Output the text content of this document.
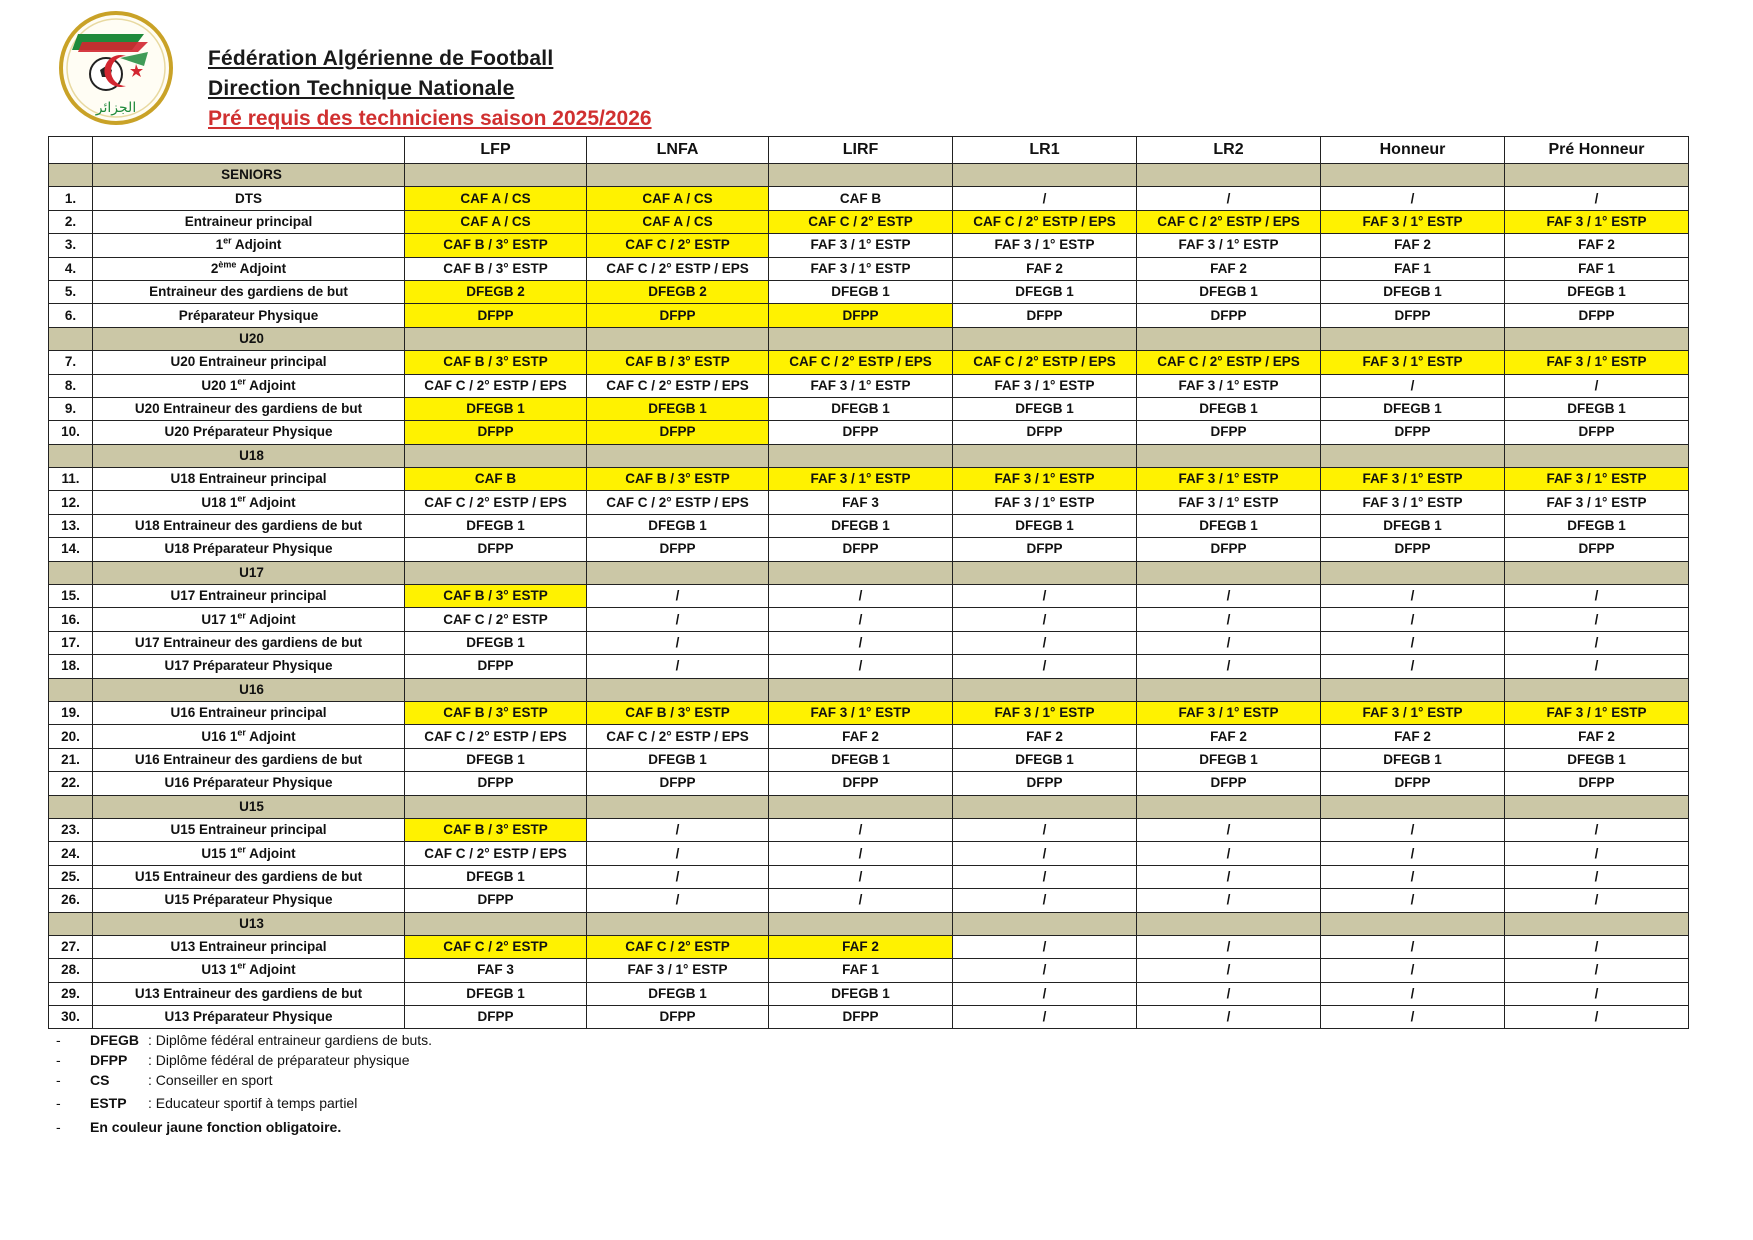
الجزائر
Fédération Algérienne de Football
Direction Technique Nationale
Pré requis des techniciens saison 2025/2026
		LFP	LNFA	LIRF	LR1	LR2	Honneur	Pré Honneur
	SENIORS							
1.	DTS	CAF A / CS	CAF A / CS	CAF B	/	/	/	/
2.	Entraineur principal	CAF A / CS	CAF A / CS	CAF C / 2° ESTP	CAF C / 2° ESTP / EPS	CAF C / 2° ESTP / EPS	FAF 3 / 1° ESTP	FAF 3 / 1° ESTP
3.	1er Adjoint	CAF B / 3° ESTP	CAF C / 2° ESTP	FAF 3 / 1° ESTP	FAF 3 / 1° ESTP	FAF 3 / 1° ESTP	FAF 2	FAF 2
4.	2ème Adjoint	CAF B / 3° ESTP	CAF C / 2° ESTP / EPS	FAF 3 / 1° ESTP	FAF 2	FAF 2	FAF 1	FAF 1
5.	Entraineur des gardiens de but	DFEGB 2	DFEGB 2	DFEGB 1	DFEGB 1	DFEGB 1	DFEGB 1	DFEGB 1
6.	Préparateur Physique	DFPP	DFPP	DFPP	DFPP	DFPP	DFPP	DFPP
	U20							
7.	U20 Entraineur principal	CAF B / 3° ESTP	CAF B / 3° ESTP	CAF C / 2° ESTP / EPS	CAF C / 2° ESTP / EPS	CAF C / 2° ESTP / EPS	FAF 3 / 1° ESTP	FAF 3 / 1° ESTP
8.	U20 1er Adjoint	CAF C / 2° ESTP / EPS	CAF C / 2° ESTP / EPS	FAF 3 / 1° ESTP	FAF 3 / 1° ESTP	FAF 3 / 1° ESTP	/	/
9.	U20 Entraineur des gardiens de but	DFEGB 1	DFEGB 1	DFEGB 1	DFEGB 1	DFEGB 1	DFEGB 1	DFEGB 1
10.	U20 Préparateur Physique	DFPP	DFPP	DFPP	DFPP	DFPP	DFPP	DFPP
	U18							
11.	U18 Entraineur principal	CAF B	CAF B / 3° ESTP	FAF 3 / 1° ESTP	FAF 3 / 1° ESTP	FAF 3 / 1° ESTP	FAF 3 / 1° ESTP	FAF 3 / 1° ESTP
12.	U18 1er Adjoint	CAF C / 2° ESTP / EPS	CAF C / 2° ESTP / EPS	FAF 3	FAF 3 / 1° ESTP	FAF 3 / 1° ESTP	FAF 3 / 1° ESTP	FAF 3 / 1° ESTP
13.	U18 Entraineur des gardiens de but	DFEGB 1	DFEGB 1	DFEGB 1	DFEGB 1	DFEGB 1	DFEGB 1	DFEGB 1
14.	U18 Préparateur Physique	DFPP	DFPP	DFPP	DFPP	DFPP	DFPP	DFPP
	U17							
15.	U17 Entraineur principal	CAF B / 3° ESTP	/	/	/	/	/	/
16.	U17 1er Adjoint	CAF C / 2° ESTP	/	/	/	/	/	/
17.	U17 Entraineur des gardiens de but	DFEGB 1	/	/	/	/	/	/
18.	U17 Préparateur Physique	DFPP	/	/	/	/	/	/
	U16							
19.	U16 Entraineur principal	CAF B / 3° ESTP	CAF B / 3° ESTP	FAF 3 / 1° ESTP	FAF 3 / 1° ESTP	FAF 3 / 1° ESTP	FAF 3 / 1° ESTP	FAF 3 / 1° ESTP
20.	U16 1er Adjoint	CAF C / 2° ESTP / EPS	CAF C / 2° ESTP / EPS	FAF 2	FAF 2	FAF 2	FAF 2	FAF 2
21.	U16 Entraineur des gardiens de but	DFEGB 1	DFEGB 1	DFEGB 1	DFEGB 1	DFEGB 1	DFEGB 1	DFEGB 1
22.	U16 Préparateur Physique	DFPP	DFPP	DFPP	DFPP	DFPP	DFPP	DFPP
	U15							
23.	U15 Entraineur principal	CAF B / 3° ESTP	/	/	/	/	/	/
24.	U15 1er Adjoint	CAF C / 2° ESTP / EPS	/	/	/	/	/	/
25.	U15 Entraineur des gardiens de but	DFEGB 1	/	/	/	/	/	/
26.	U15 Préparateur Physique	DFPP	/	/	/	/	/	/
	U13							
27.	U13 Entraineur principal	CAF C / 2° ESTP	CAF C / 2° ESTP	FAF 2	/	/	/	/
28.	U13 1er Adjoint	FAF 3	FAF 3 / 1° ESTP	FAF 1	/	/	/	/
29.	U13 Entraineur des gardiens de but	DFEGB 1	DFEGB 1	DFEGB 1	/	/	/	/
30.	U13 Préparateur Physique	DFPP	DFPP	DFPP	/	/	/	/
-	DFEGB : Diplôme fédéral entraineur gardiens de buts.
-	DFPP	: Diplôme fédéral de préparateur physique
-	CS	: Conseiller en sport
-	ESTP	: Educateur sportif à temps partiel
-	En couleur jaune fonction obligatoire.
